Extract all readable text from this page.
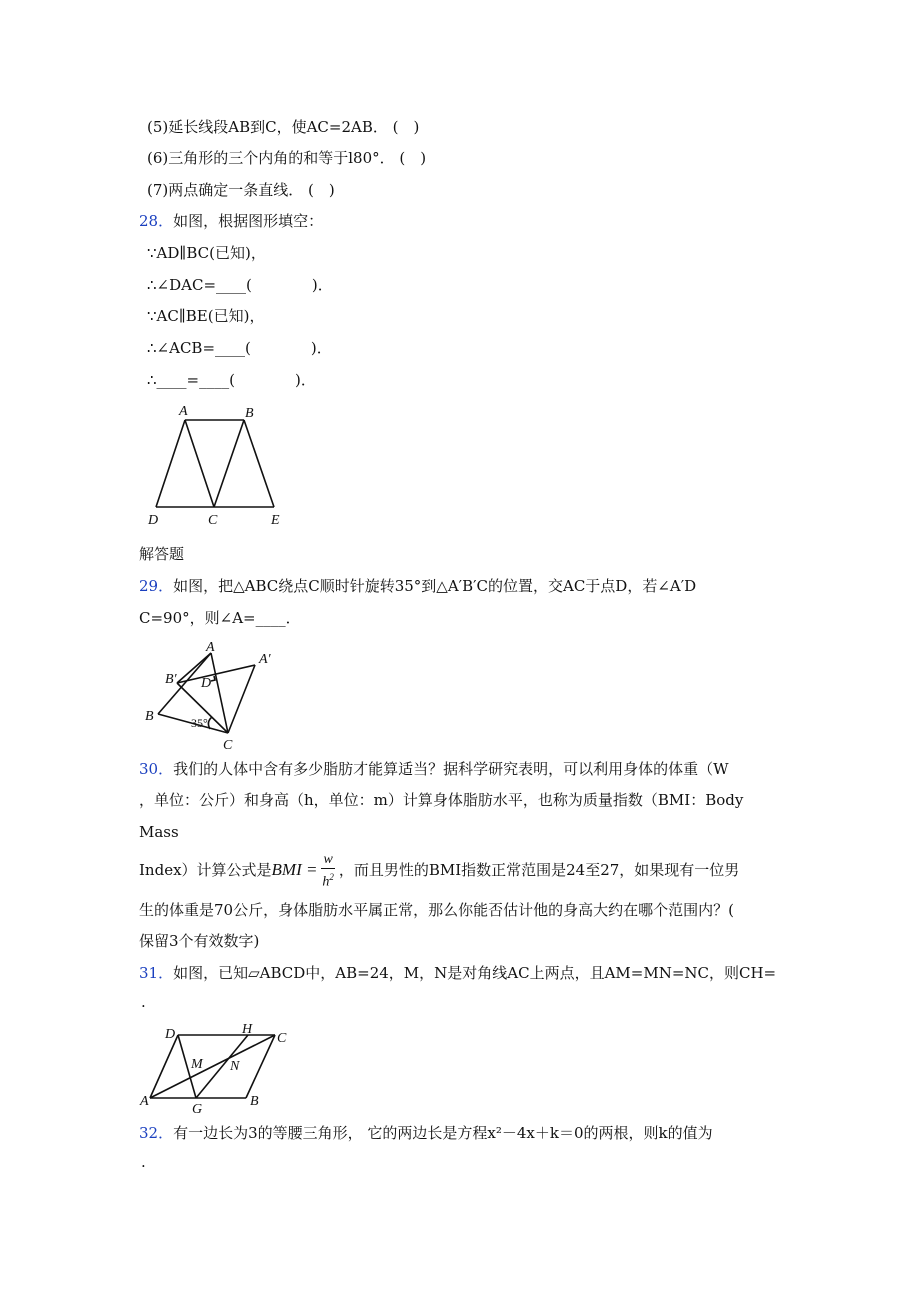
(5)延长线段AB到C，使AC=2AB． (　)
(6)三角形的三个内角的和等于l80°． (　)
(7)两点确定一条直线． (　)
28．如图，根据图形填空：
∵AD∥BC(已知)，
∴∠DAC=____(　　　　)．
∵AC∥BE(已知)，
∴∠ACB=____(　　　　)．
∴____=____(　　　　)．
A	B
D	C	E
解答题
29．如图，把△ABC绕点C顺时针旋转35°到△A′B′C的位置，交AC于点D，若∠A′D
C=90°，则∠A=____．
A
A′
B′ D
B	35°
C
30．我们的人体中含有多少脂肪才能算适当？据科学研究表明，可以利用身体的体重（W
，单位：公斤）和身高（h，单位：m）计算身体脂肪水平，也称为质量指数（BMI：Body
Mass
Index）计算公式是BMI = $\frac{w}{h^2}$ ，而且男性的BMI指数正常范围是24至27，如果现有一位男
生的体重是70公斤，身体脂肪水平属正常，那么你能否估计他的身高大约在哪个范围内？(
保留3个有效数字)
31．如图，已知▱ABCD中，AB=24，M，N是对角线AC上两点，且AM=MN=NC，则CH=
.
D	H
C
M N
A
G
B
32．有一边长为3的等腰三角形， 它的两边长是方程x²－4x＋k＝0的两根，则k的值为
.
